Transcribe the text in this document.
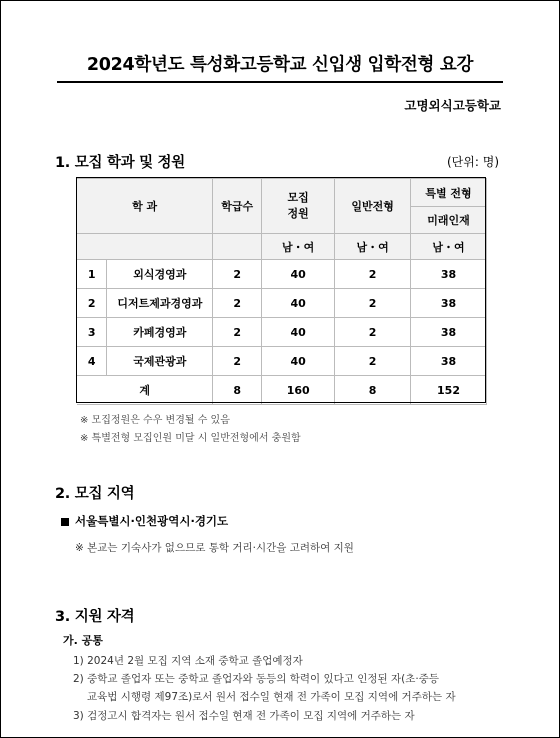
2024학년도 특성화고등학교 신입생 입학전형 요강
고명외식고등학교
1. 모집 학과 및 정원	(단위: 명)
학 과		학급수	모집 정원	일반전형	특별 전형
					미래인재
			남・여	남・여	남・여
1	외식경영과	2	40	2	38
2	디저트제과경영과	2	40	2	38
3	카페경영과	2	40	2	38
4	국제관광과	2	40	2	38
계		8	160	8	152
※ 모집정원은 수우 변경될 수 있음
※ 특별전형 모집인원 미달 시 일반전형에서 충원함
2. 모집 지역
서울특별시·인천광역시·경기도
※ 본교는 기숙사가 없으므로 통학 거리·시간을 고려하여 지원
3. 지원 자격
가. 공통
1) 2024년 2월 모집 지역 소재 중학교 졸업예정자
2) 중학교 졸업자 또는 중학교 졸업자와 동등의 학력이 있다고 인정된 자(초·중등
교육법 시행령 제97조)로서 원서 접수일 현재 전 가족이 모집 지역에 거주하는 자
3) 검정고시 합격자는 원서 접수일 현재 전 가족이 모집 지역에 거주하는 자
